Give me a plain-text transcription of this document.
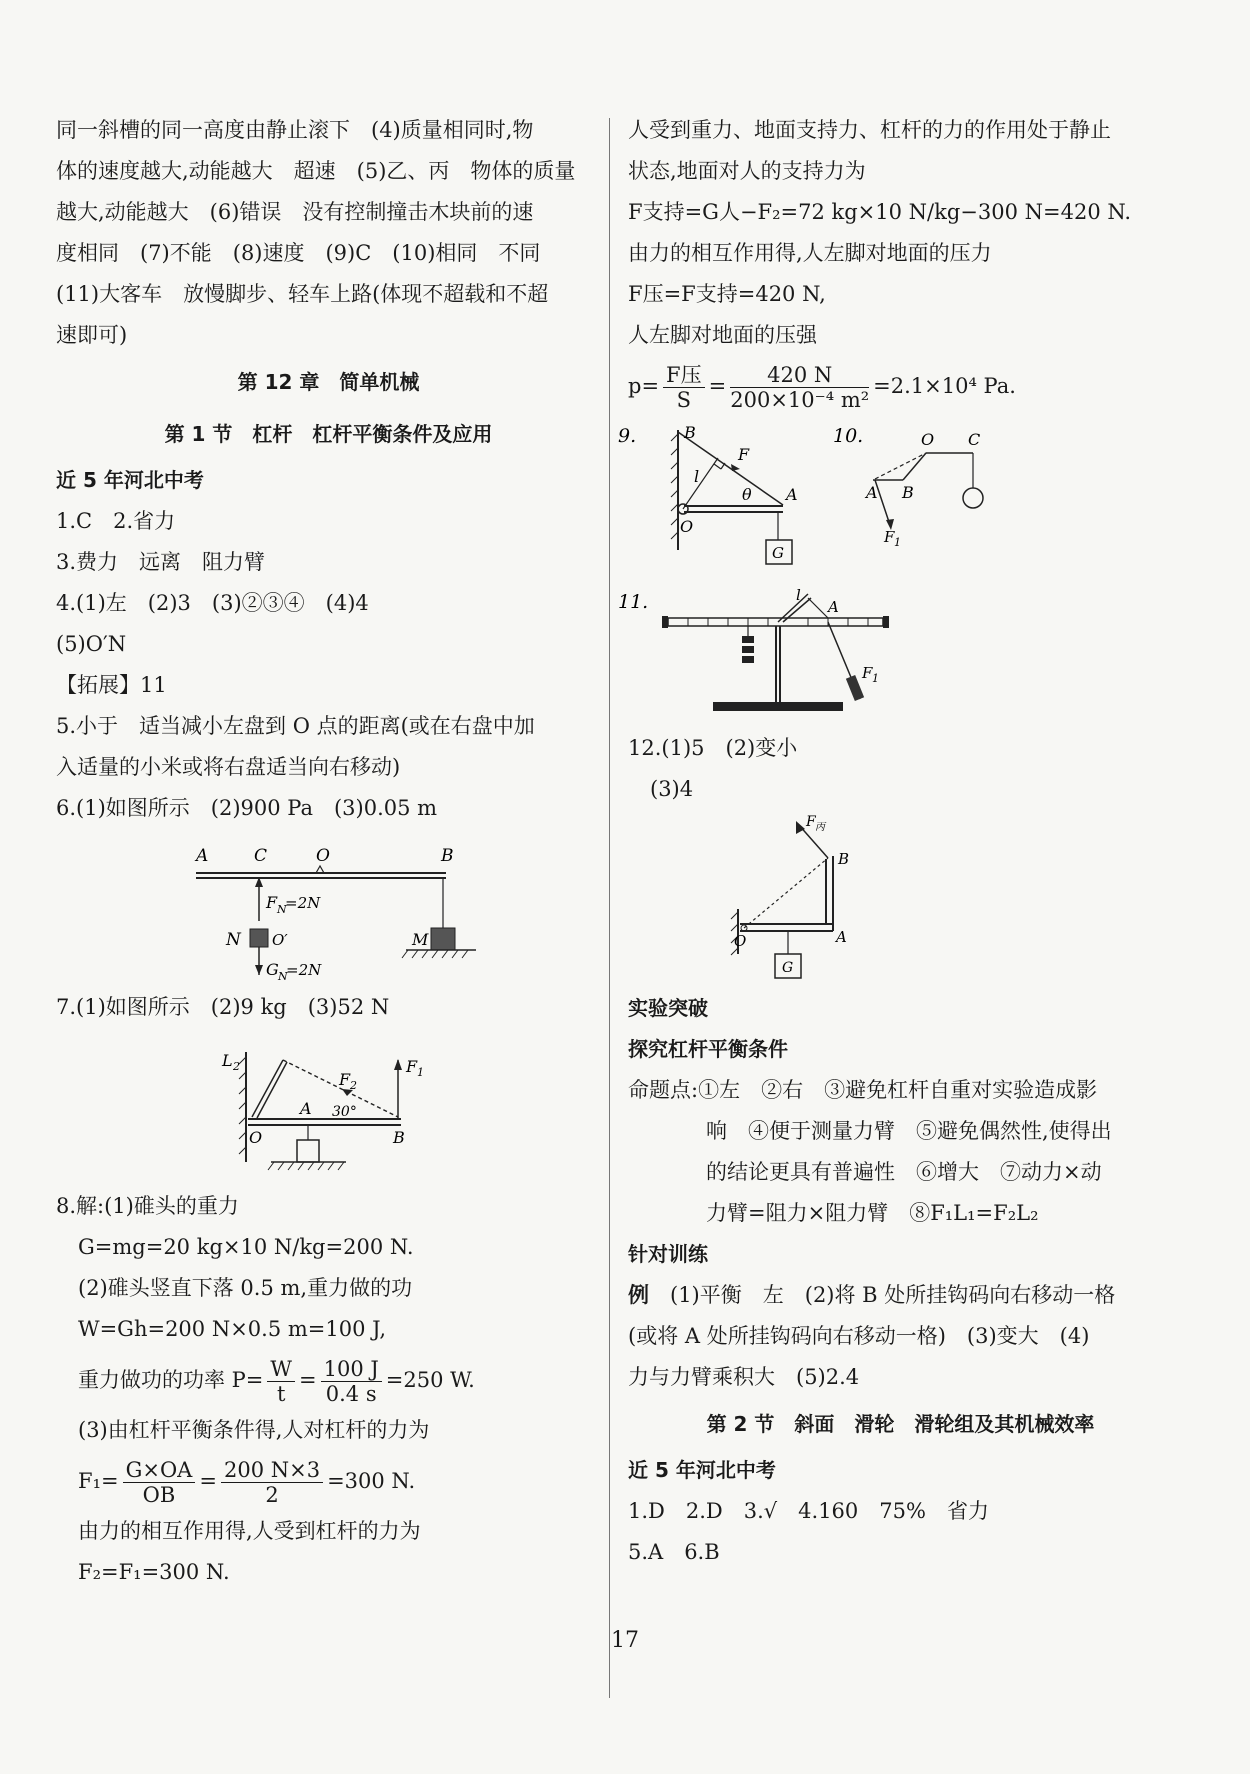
同一斜槽的同一高度由静止滚下　(4)质量相同时,物
体的速度越大,动能越大　超速　(5)乙、丙　物体的质量
越大,动能越大　(6)错误　没有控制撞击木块前的速
度相同　(7)不能　(8)速度　(9)C　(10)相同　不同
(11)大客车　放慢脚步、轻车上路(体现不超载和不超
速即可)
第 12 章　简单机械
第 1 节　杠杆　杠杆平衡条件及应用
近 5 年河北中考
1.C　2.省力
3.费力　远离　阻力臂
4.(1)左　(2)3　(3)②③④　(4)4
(5)O′N
【拓展】11
5.小于　适当减小左盘到 O 点的距离(或在右盘中加
入适量的小米或将右盘适当向右移动)
6.(1)如图所示　(2)900 Pa　(3)0.05 m
A	C	O	B
F N
=2N
N O′
G N
=2N
M
7.(1)如图所示　(2)9 kg　(3)52 N
L 2
F 2
F 1
A 30°
O	B
8.解:(1)碓头的重力
G=mg=20 kg×10 N/kg=200 N.
(2)碓头竖直下落 0.5 m,重力做的功
W=Gh=200 N×0.5 m=100 J,
重力做功的功率 $P= \frac{W}{t} = \frac{100 J}{0.4 s} =250$ W.
(3)由杠杆平衡条件得,人对杠杆的力为
$F_1= \frac{G\times OA}{OB} = \frac{200 N\times 3}{2} =300$ N.
由力的相互作用得,人受到杠杆的力为
F₂=F₁=300 N.
人受到重力、地面支持力、杠杆的力的作用处于静止
状态,地面对人的支持力为
F支持=G人−F₂=72 kg×10 N/kg−300 N=420 N.
由力的相互作用得,人左脚对地面的压力
F压=F支持=420 N,
人左脚对地面的压强
$p= \frac{\text{F压}}{S} = \frac{420 N}{\text{200×10⁻⁴ m²}} =2.1\times 10^4$ Pa.
9.	B
F
l
θ A
O
G
10.	O C
A B
F 1
11.	l
A
F 1
12.(1)5　(2)变小
(3)4
F 丙
B
O	A
G
实验突破
探究杠杆平衡条件
命题点:①左　②右　③避免杠杆自重对实验造成影
响　④便于测量力臂　⑤避免偶然性,使得出
的结论更具有普遍性　⑥增大　⑦动力×动
力臂=阻力×阻力臂　⑧F₁L₁=F₂L₂
针对训练
例　 (1)平衡　左　(2)将 B 处所挂钩码向右移动一格
(或将 A 处所挂钩码向右移动一格)　(3)变大　(4)
力与力臂乘积大　(5)2.4
第 2 节　斜面　滑轮　滑轮组及其机械效率
近 5 年河北中考
1.D　2.D　3.√　4.160　75%　省力
5.A　6.B
17
